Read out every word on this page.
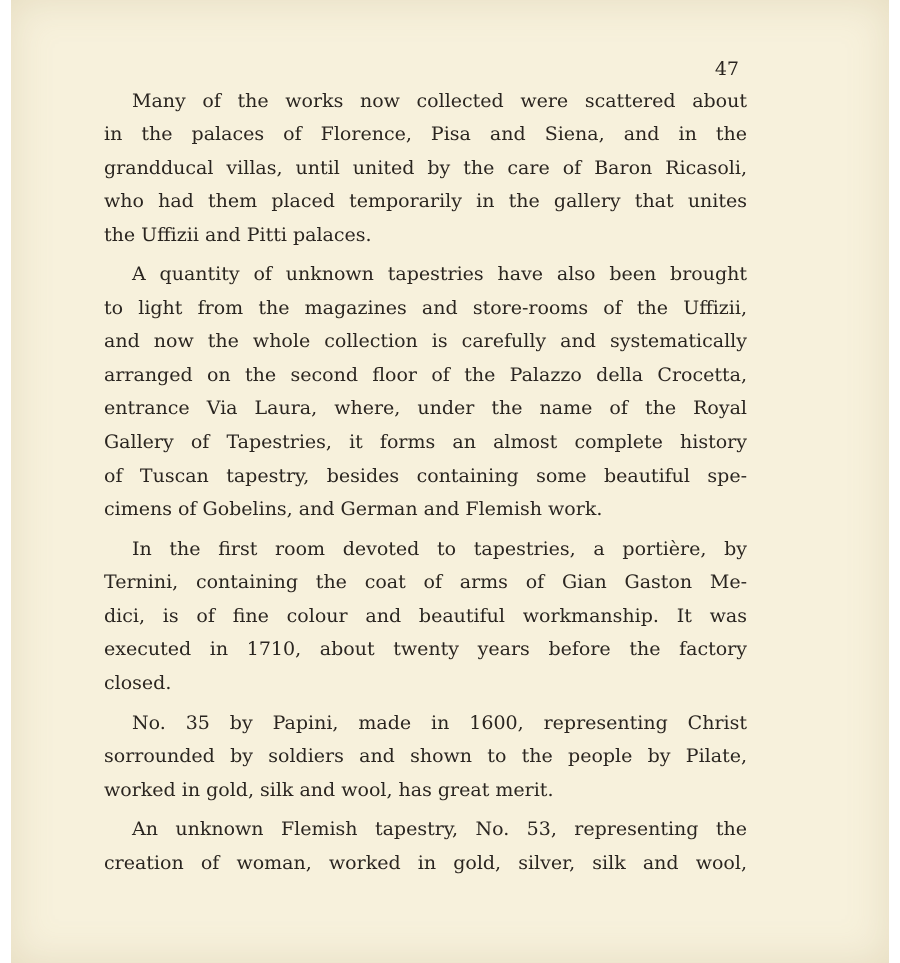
47

Many of the works now collected were scattered about
in the palaces of Florence, Pisa and Siena, and in the
grandducal villas, until united by the care of Baron Ricasoli,
who had them placed temporarily in the gallery that unites
the Uffizii and Pitti palaces.
A quantity of unknown tapestries have also been brought
to light from the magazines and store-rooms of the Uffizii,
and now the whole collection is carefully and systematically
arranged on the second floor of the Palazzo della Crocetta,
entrance Via Laura, where, under the name of the Royal
Gallery of Tapestries, it forms an almost complete history
of Tuscan tapestry, besides containing some beautiful spe-
cimens of Gobelins, and German and Flemish work.
In the first room devoted to tapestries, a portière, by
Ternini, containing the coat of arms of Gian Gaston Me-
dici, is of fine colour and beautiful workmanship. It was
executed in 1710, about twenty years before the factory
closed.
No. 35 by Papini, made in 1600, representing Christ
sorrounded by soldiers and shown to the people by Pilate,
worked in gold, silk and wool, has great merit.
An unknown Flemish tapestry, No. 53, representing the
creation of woman, worked in gold, silver, silk and wool,
